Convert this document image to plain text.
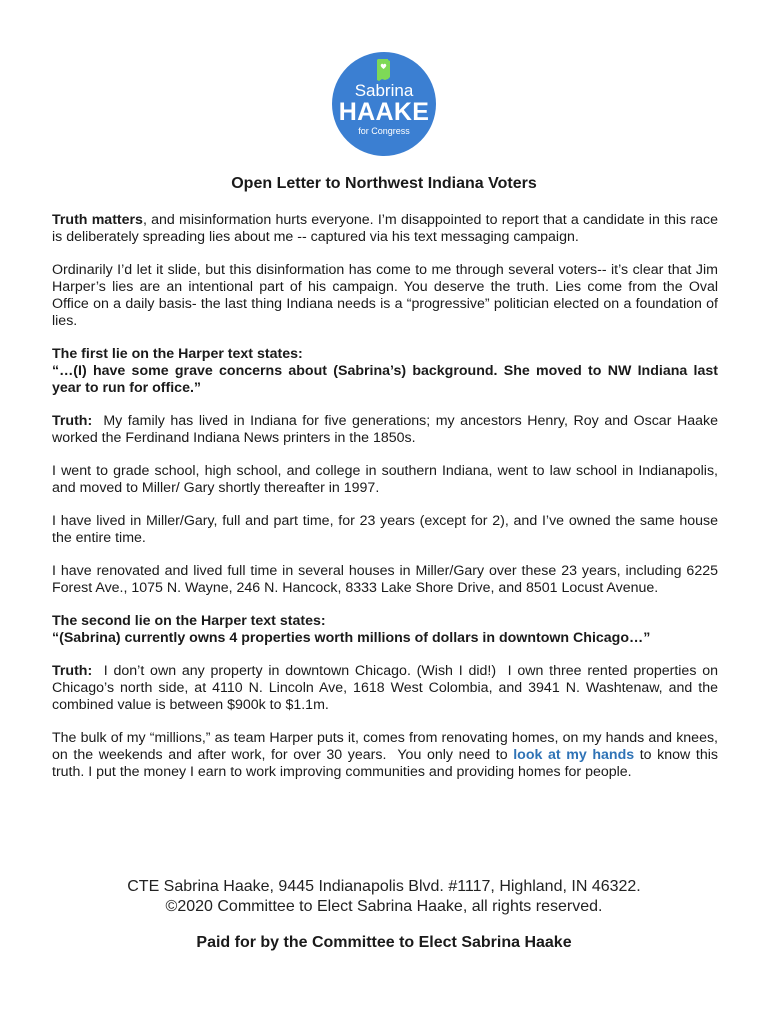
Sabrina
HAAKE
for Congress
Open Letter to Northwest Indiana Voters

Truth matters, and misinformation hurts everyone. I’m disappointed to report that a candidate in this race is deliberately spreading lies about me -- captured via his text messaging campaign.

Ordinarily I’d let it slide, but this disinformation has come to me through several voters-- it’s clear that Jim Harper’s lies are an intentional part of his campaign. You deserve the truth. Lies come from the Oval Office on a daily basis- the last thing Indiana needs is a “progressive” politician elected on a foundation of lies.

The first lie on the Harper text states:

“…(I) have some grave concerns about (Sabrina’s) background. She moved to NW Indiana last year to run for office.”

Truth:  My family has lived in Indiana for five generations; my ancestors Henry, Roy and Oscar Haake worked the Ferdinand Indiana News printers in the 1850s.

I went to grade school, high school, and college in southern Indiana, went to law school in Indianapolis, and moved to Miller/ Gary shortly thereafter in 1997.

I have lived in Miller/Gary, full and part time, for 23 years (except for 2), and I’ve owned the same house the entire time.

I have renovated and lived full time in several houses in Miller/Gary over these 23 years, including 6225 Forest Ave., 1075 N. Wayne, 246 N. Hancock, 8333 Lake Shore Drive, and 8501 Locust Avenue.

The second lie on the Harper text states:

“(Sabrina) currently owns 4 properties worth millions of dollars in downtown Chicago…”

Truth:  I don’t own any property in downtown Chicago. (Wish I did!)  I own three rented properties on Chicago’s north side, at 4110 N. Lincoln Ave, 1618 West Colombia, and 3941 N. Washtenaw, and the combined value is between $900k to $1.1m.

The bulk of my “millions,” as team Harper puts it, comes from renovating homes, on my hands and knees, on the weekends and after work, for over 30 years.  You only need to look at my hands to know this truth. I put the money I earn to work improving communities and providing homes for people.

CTE Sabrina Haake, 9445 Indianapolis Blvd. #1117, Highland, IN 46322.
©2020 Committee to Elect Sabrina Haake, all rights reserved.
Paid for by the Committee to Elect Sabrina Haake
